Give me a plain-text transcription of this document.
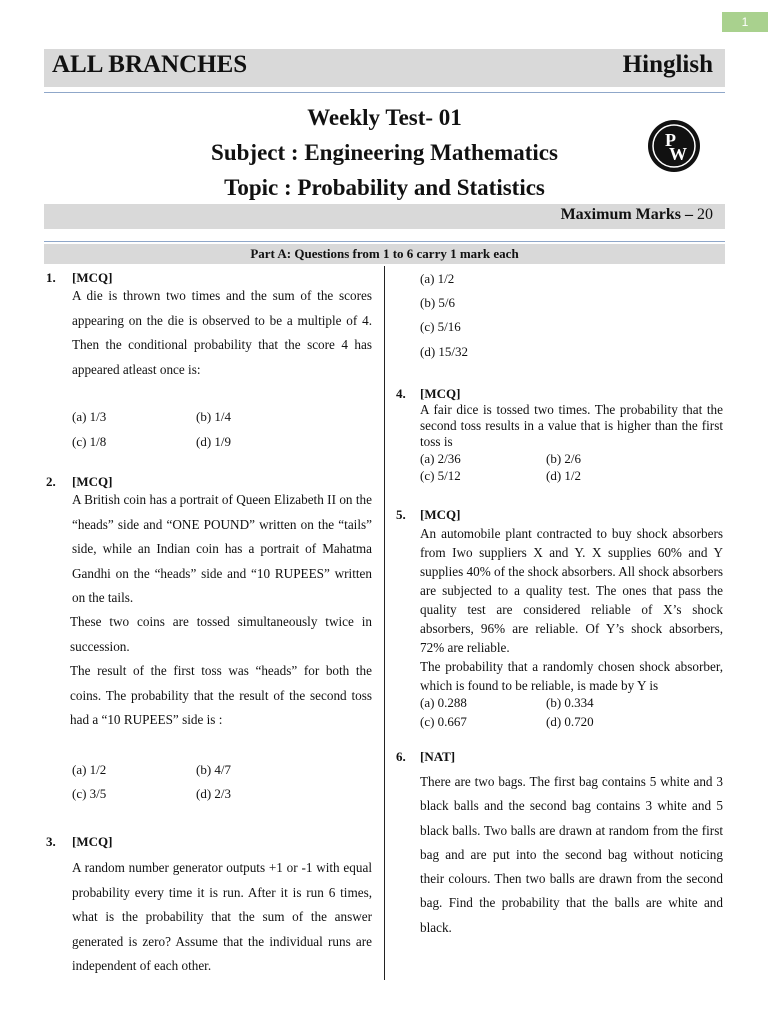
1
ALL BRANCHES	Hinglish
Weekly Test- 01
Subject : Engineering Mathematics
Topic : Probability and Statistics
P
W
Maximum Marks – 20
Part A: Questions from 1 to 6 carry 1 mark each
1. [MCQ]
A die is thrown two times and the sum of the scores appearing on the die is observed to be a multiple of 4. Then the conditional probability that the score 4 has appeared atleast once is:
(a) 1/3	(b) 1/4
(c) 1/8	(d) 1/9
2. [MCQ]
A British coin has a portrait of Queen Elizabeth II on the “heads” side and “ONE POUND” written on the “tails” side, while an Indian coin has a portrait of Mahatma Gandhi on the “heads” side and “10 RUPEES” written on the tails.
These two coins are tossed simultaneously twice in succession.
The result of the first toss was “heads” for both the coins. The probability that the result of the second toss had a “10 RUPEES” side is :
(a) 1/2	(b) 4/7
(c) 3/5	(d) 2/3
3. [MCQ]
A random number generator outputs +1 or -1 with equal probability every time it is run. After it is run 6 times, what is the probability that the sum of the answer generated is zero? Assume that the individual runs are independent of each other.
(a) 1/2
(b) 5/6
(c) 5/16
(d) 15/32
4. [MCQ]
A fair dice is tossed two times. The probability that the second toss results in a value that is higher than the first toss is
(a) 2/36	(b) 2/6
(c) 5/12	(d) 1/2
5. [MCQ]
An automobile plant contracted to buy shock absorbers from Iwo suppliers X and Y. X supplies 60% and Y supplies 40% of the shock absorbers. All shock absorbers are subjected to a quality test. The ones that pass the quality test are considered reliable of X’s shock absorbers, 96% are reliable. Of Y’s shock absorbers, 72% are reliable.
The probability that a randomly chosen shock absorber, which is found to be reliable, is made by Y is
(a) 0.288	(b) 0.334
(c) 0.667	(d) 0.720
6. [NAT]
There are two bags. The first bag contains 5 white and 3 black balls and the second bag contains 3 white and 5 black balls. Two balls are drawn at random from the first bag and are put into the second bag without noticing their colours. Then two balls are drawn from the second bag. Find the probability that the balls are white and black.
